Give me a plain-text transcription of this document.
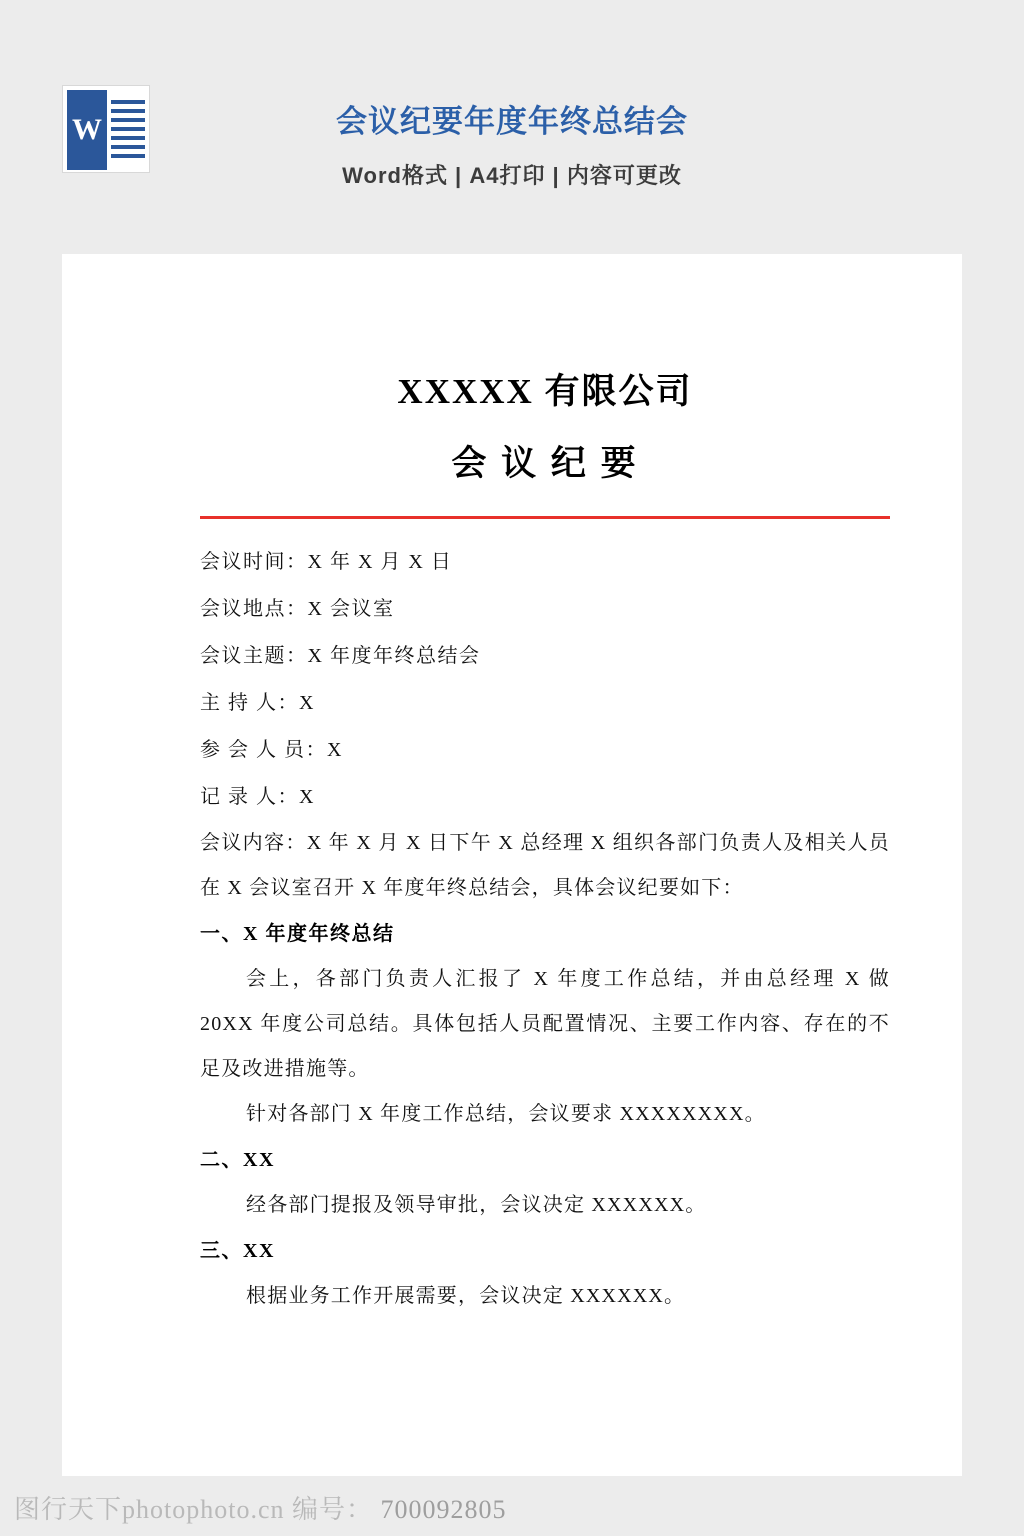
W	会议纪要年度年终总结会
Word格式 | A4打印 | 内容可更改
XXXXX 有限公司
会 议 纪 要
会议时间：X 年 X 月 X 日
会议地点：X 会议室
会议主题：X 年度年终总结会
主 持 人：X
参 会 人 员：X
记 录 人：X

会议内容：X 年 X 月 X 日下午 X 总经理 X 组织各部门负责人及相关人员在 X 会议室召开 X 年度年终总结会，具体会议纪要如下：

一、X 年度年终总结

会上，各部门负责人汇报了 X 年度工作总结，并由总经理 X 做 20XX 年度公司总结。具体包括人员配置情况、主要工作内容、存在的不足及改进措施等。

针对各部门 X 年度工作总结，会议要求 XXXXXXXX。

二、XX

经各部门提报及领导审批，会议决定 XXXXXX。

三、XX

根据业务工作开展需要，会议决定 XXXXXX。

图行天下photophoto.cn 编号： 700092805
